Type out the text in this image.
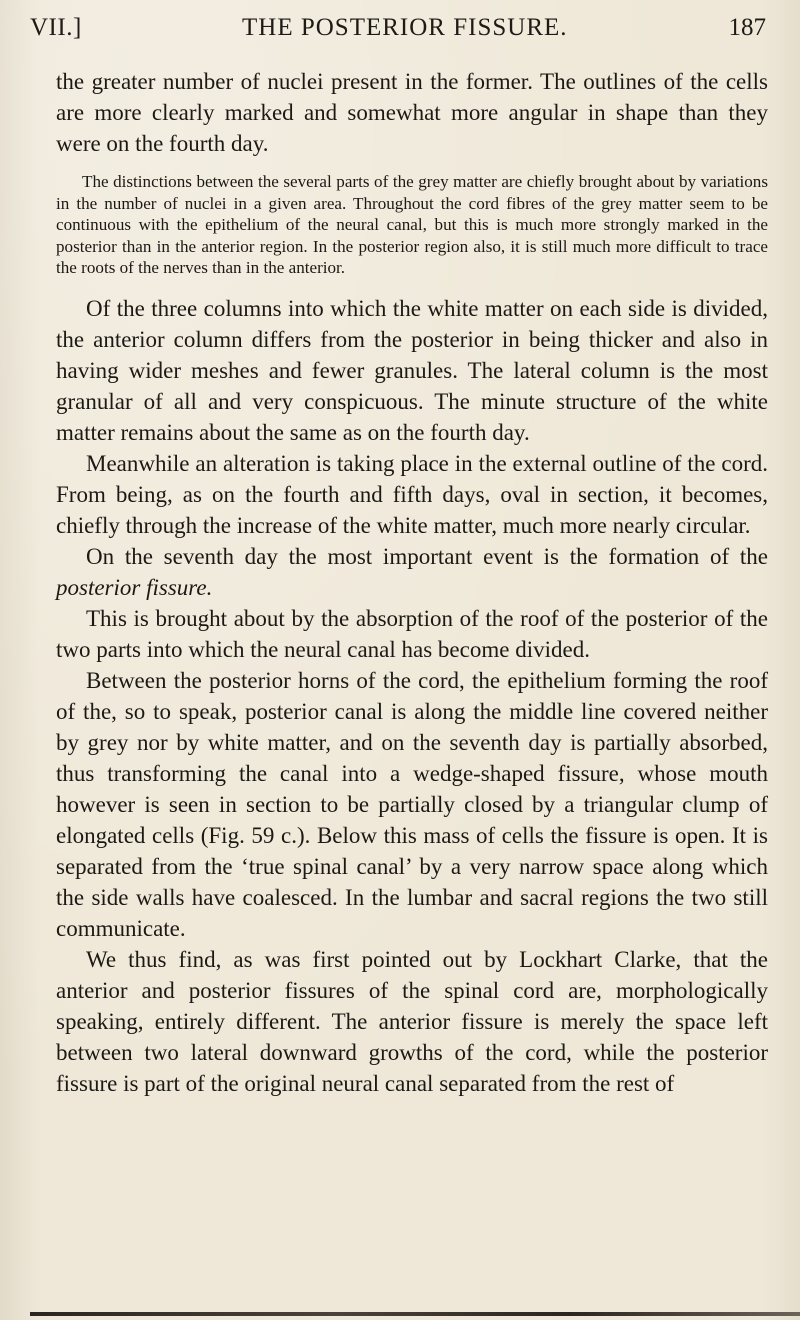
VII.]	THE POSTERIOR FISSURE.	187

the greater number of nuclei present in the former. The outlines of the cells are more clearly marked and somewhat more angular in shape than they were on the fourth day.

The distinctions between the several parts of the grey matter are chiefly brought about by variations in the number of nuclei in a given area. Throughout the cord fibres of the grey matter seem to be continuous with the epithelium of the neural canal, but this is much more strongly marked in the posterior than in the anterior region. In the posterior region also, it is still much more difficult to trace the roots of the nerves than in the anterior.

Of the three columns into which the white matter on each side is divided, the anterior column differs from the posterior in being thicker and also in having wider meshes and fewer granules. The lateral column is the most granular of all and very conspicuous. The minute structure of the white matter remains about the same as on the fourth day.

Meanwhile an alteration is taking place in the external outline of the cord. From being, as on the fourth and fifth days, oval in section, it becomes, chiefly through the increase of the white matter, much more nearly circular.

On the seventh day the most important event is the formation of the posterior fissure.

This is brought about by the absorption of the roof of the posterior of the two parts into which the neural canal has become divided.

Between the posterior horns of the cord, the epithelium forming the roof of the, so to speak, posterior canal is along the middle line covered neither by grey nor by white matter, and on the seventh day is partially absorbed, thus transforming the canal into a wedge-shaped fissure, whose mouth however is seen in section to be partially closed by a triangular clump of elongated cells (Fig. 59 c.). Below this mass of cells the fissure is open. It is separated from the ‘true spinal canal’ by a very narrow space along which the side walls have coalesced. In the lumbar and sacral regions the two still communicate.

We thus find, as was first pointed out by Lockhart Clarke, that the anterior and posterior fissures of the spinal cord are, morphologically speaking, entirely different. The anterior fissure is merely the space left between two lateral downward growths of the cord, while the posterior fissure is part of the original neural canal separated from the rest of
